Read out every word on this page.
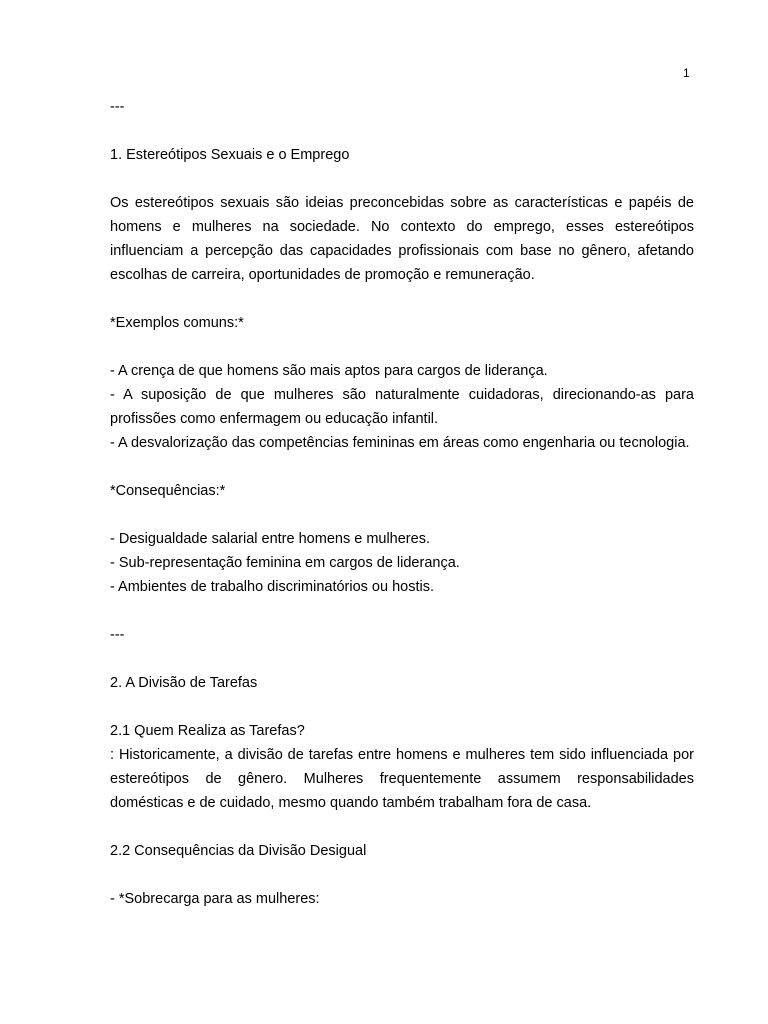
1

---

1. Estereótipos Sexuais e o Emprego

Os estereótipos sexuais são ideias preconcebidas sobre as características e papéis de homens e mulheres na sociedade. No contexto do emprego, esses estereótipos influenciam a percepção das capacidades profissionais com base no gênero, afetando escolhas de carreira, oportunidades de promoção e remuneração.

*Exemplos comuns:*

- A crença de que homens são mais aptos para cargos de liderança.

- A suposição de que mulheres são naturalmente cuidadoras, direcionando-as para profissões como enfermagem ou educação infantil.

- A desvalorização das competências femininas em áreas como engenharia ou tecnologia.

*Consequências:*

- Desigualdade salarial entre homens e mulheres.

- Sub-representação feminina em cargos de liderança.

- Ambientes de trabalho discriminatórios ou hostis.

---

2. A Divisão de Tarefas

2.1 Quem Realiza as Tarefas?

: Historicamente, a divisão de tarefas entre homens e mulheres tem sido influenciada por estereótipos de gênero. Mulheres frequentemente assumem responsabilidades domésticas e de cuidado, mesmo quando também trabalham fora de casa.

2.2 Consequências da Divisão Desigual

- *Sobrecarga para as mulheres:
